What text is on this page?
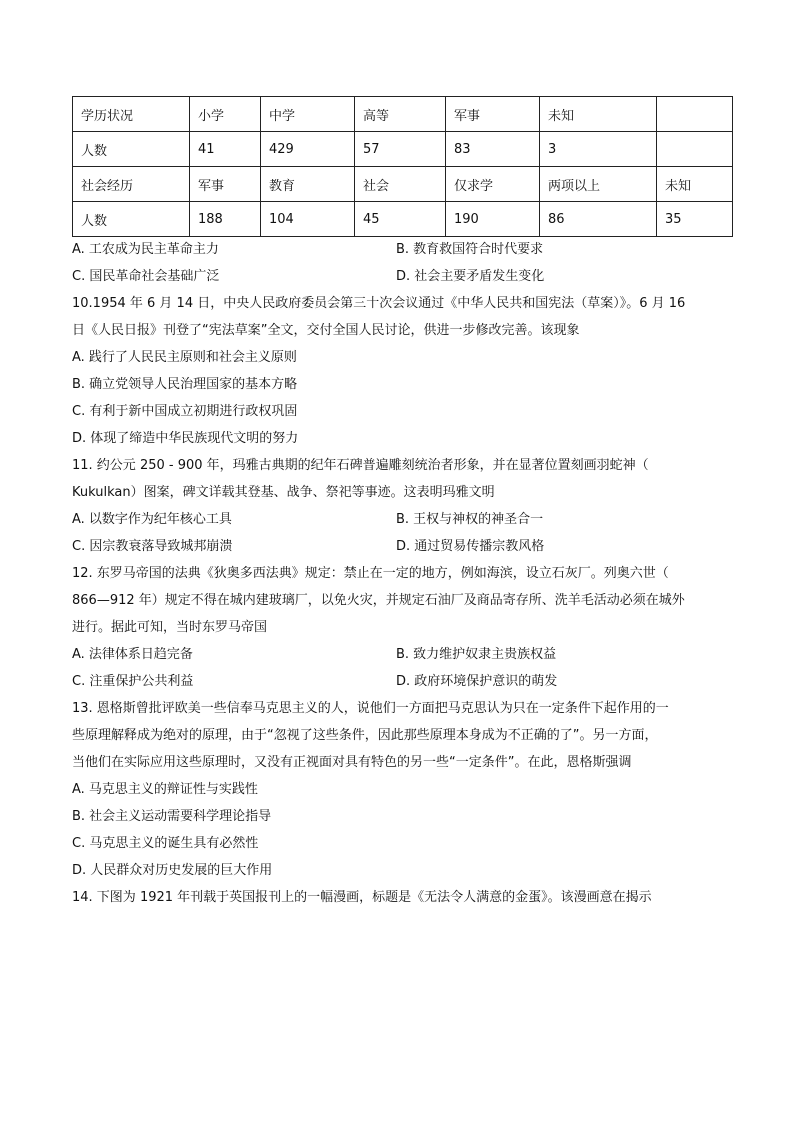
学历状况	小学	中学	高等	军事	未知	
人数	41	429	57	83	3	
社会经历	军事	教育	社会	仅求学	两项以上	未知
人数	188	104	45	190	86	35
A. 工农成为民主革命主力	B. 教育救国符合时代要求
C. 国民革命社会基础广泛	D. 社会主要矛盾发生变化
10.1954 年 6 月 14 日，中央人民政府委员会第三十次会议通过《中华人民共和国宪法（草案）》。6 月 16
日《人民日报》刊登了“宪法草案”全文，交付全国人民讨论，供进一步修改完善。该现象
A. 践行了人民民主原则和社会主义原则
B. 确立党领导人民治理国家的基本方略
C. 有利于新中国成立初期进行政权巩固
D. 体现了缔造中华民族现代文明的努力
11. 约公元 250 - 900 年，玛雅古典期的纪年石碑普遍雕刻统治者形象，并在显著位置刻画羽蛇神（
Kukulkan）图案，碑文详载其登基、战争、祭祀等事迹。这表明玛雅文明
A. 以数字作为纪年核心工具	B. 王权与神权的神圣合一
C. 因宗教衰落导致城邦崩溃	D. 通过贸易传播宗教风格
12. 东罗马帝国的法典《狄奥多西法典》规定：禁止在一定的地方，例如海滨，设立石灰厂。列奥六世（
866—912 年）规定不得在城内建玻璃厂，以免火灾，并规定石油厂及商品寄存所、洗羊毛活动必须在城外
进行。据此可知，当时东罗马帝国
A. 法律体系日趋完备	B. 致力维护奴隶主贵族权益
C. 注重保护公共利益	D. 政府环境保护意识的萌发
13. 恩格斯曾批评欧美一些信奉马克思主义的人，说他们一方面把马克思认为只在一定条件下起作用的一
些原理解释成为绝对的原理，由于“忽视了这些条件，因此那些原理本身成为不正确的了”。另一方面，
当他们在实际应用这些原理时，又没有正视面对具有特色的另一些“一定条件”。在此，恩格斯强调
A. 马克思主义的辩证性与实践性
B. 社会主义运动需要科学理论指导
C. 马克思主义的诞生具有必然性
D. 人民群众对历史发展的巨大作用
14. 下图为 1921 年刊载于英国报刊上的一幅漫画，标题是《无法令人满意的金蛋》。该漫画意在揭示
